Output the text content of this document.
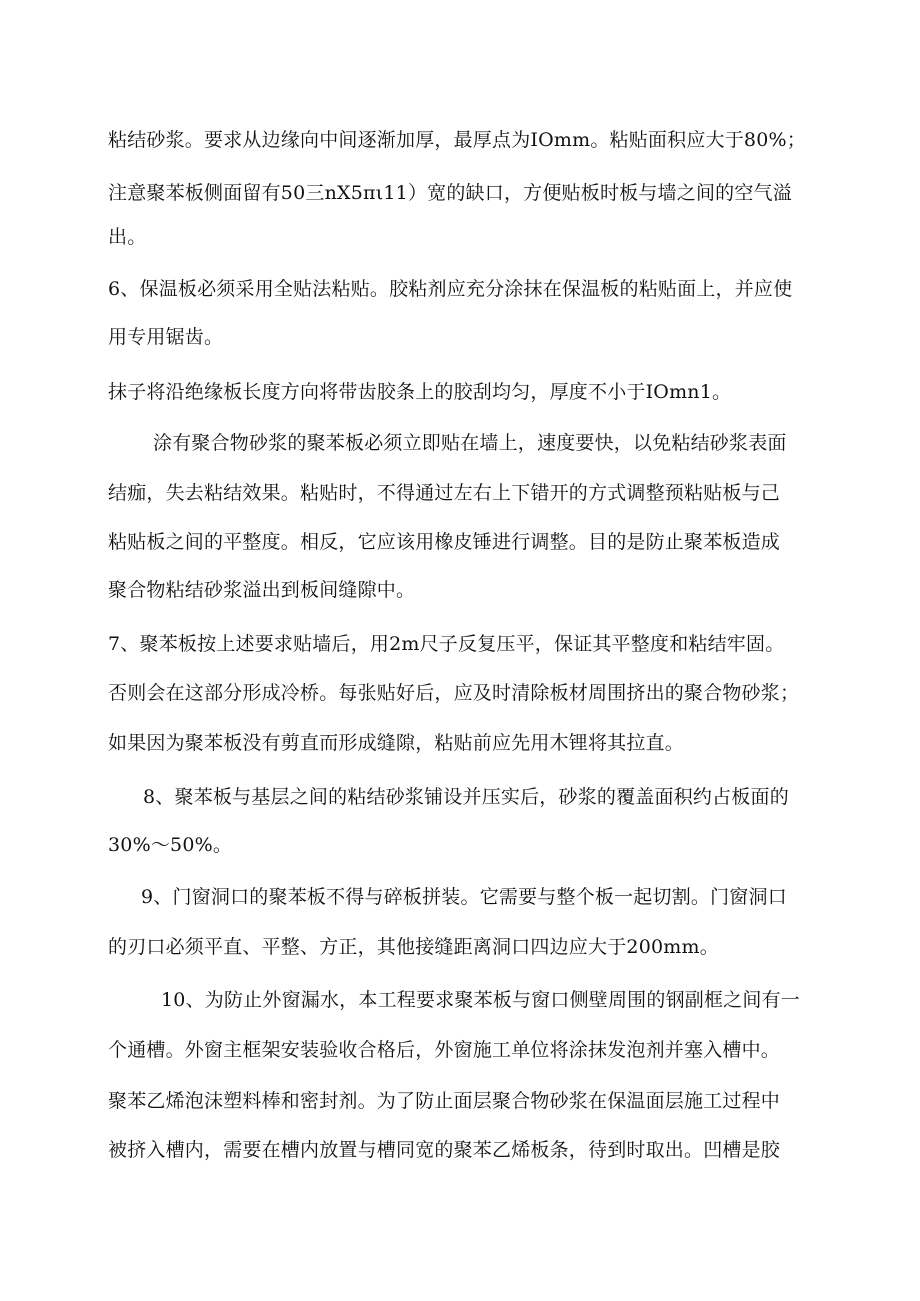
粘结砂浆。要求从边缘向中间逐渐加厚，最厚点为IOmm。粘贴面积应大于80%；
注意聚苯板侧面留有50三nX5πι11）宽的缺口，方便贴板时板与墙之间的空气溢
出。
6、保温板必须采用全贴法粘贴。胶粘剂应充分涂抹在保温板的粘贴面上，并应使
用专用锯齿。
抹子将沿绝缘板长度方向将带齿胶条上的胶刮均匀，厚度不小于IOmn1。
涂有聚合物砂浆的聚苯板必须立即贴在墙上，速度要快，以免粘结砂浆表面
结痂，失去粘结效果。粘贴时，不得通过左右上下错开的方式调整预粘贴板与己
粘贴板之间的平整度。相反，它应该用橡皮锤进行调整。目的是防止聚苯板造成
聚合物粘结砂浆溢出到板间缝隙中。
7、聚苯板按上述要求贴墙后，用2m尺子反复压平，保证其平整度和粘结牢固。
否则会在这部分形成冷桥。每张贴好后，应及时清除板材周围挤出的聚合物砂浆；
如果因为聚苯板没有剪直而形成缝隙，粘贴前应先用木锂将其拉直。
8、聚苯板与基层之间的粘结砂浆铺设并压实后，砂浆的覆盖面积约占板面的
30%～50%。
9、门窗洞口的聚苯板不得与碎板拼装。它需要与整个板一起切割。门窗洞口
的刃口必须平直、平整、方正，其他接缝距离洞口四边应大于200mm。
10、为防止外窗漏水，本工程要求聚苯板与窗口侧壁周围的钢副框之间有一
个通槽。外窗主框架安装验收合格后，外窗施工单位将涂抹发泡剂并塞入槽中。
聚苯乙烯泡沫塑料棒和密封剂。为了防止面层聚合物砂浆在保温面层施工过程中
被挤入槽内，需要在槽内放置与槽同宽的聚苯乙烯板条，待到时取出。凹槽是胶
